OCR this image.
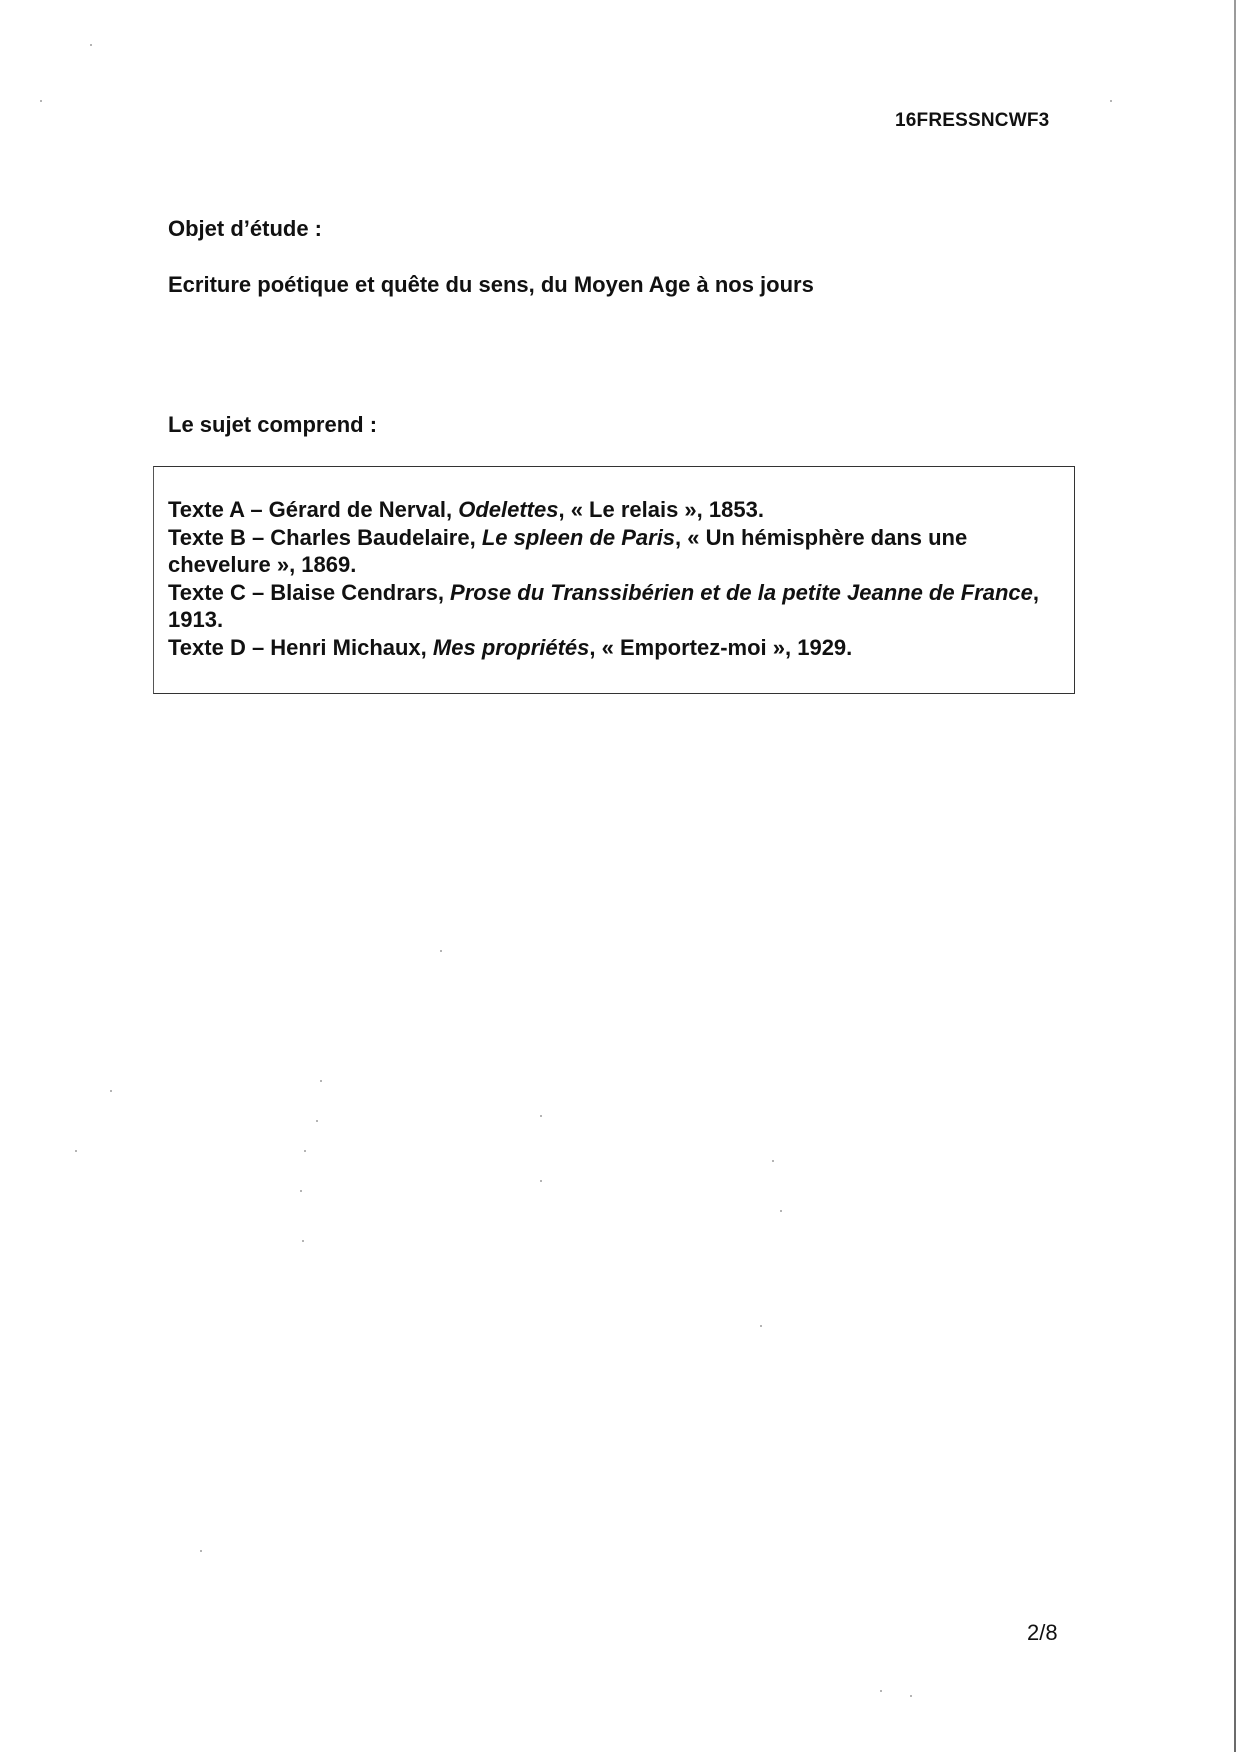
16FRESSNCWF3
Objet d’étude :
Ecriture poétique et quête du sens, du Moyen Age à nos jours
Le sujet comprend :
Texte A – Gérard de Nerval, Odelettes, « Le relais », 1853.
Texte B – Charles Baudelaire, Le spleen de Paris, « Un hémisphère dans une chevelure », 1869.
Texte C – Blaise Cendrars, Prose du Transsibérien et de la petite Jeanne de France, 1913.
Texte D – Henri Michaux, Mes propriétés, « Emportez-moi », 1929.
2/8
